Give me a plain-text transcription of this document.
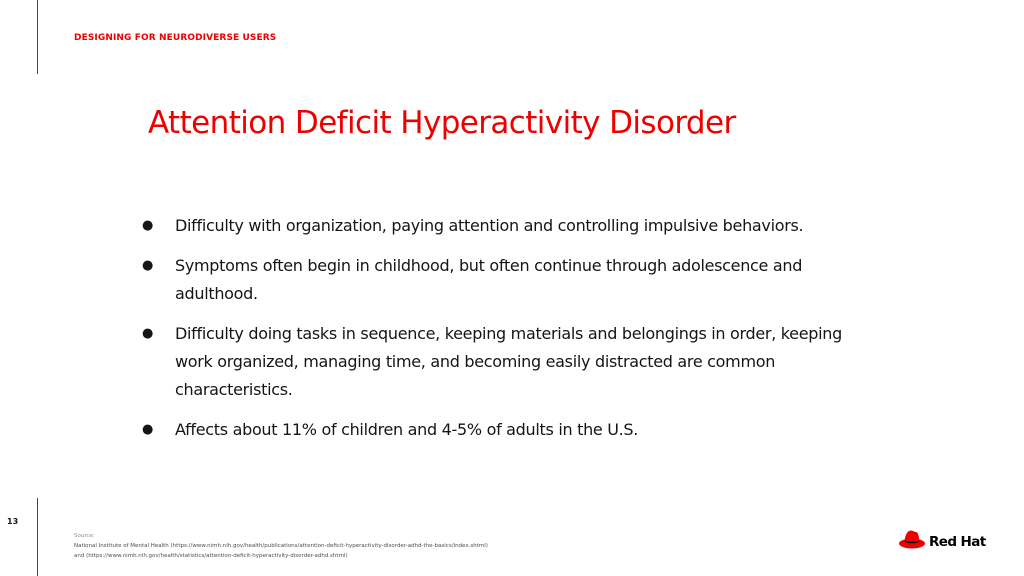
DESIGNING FOR NEURODIVERSE USERS
Attention Deficit Hyperactivity Disorder
● Difficulty with organization, paying attention and controlling impulsive behaviors.
● Symptoms often begin in childhood, but often continue through adolescence and adulthood.
● Difficulty doing tasks in sequence, keeping materials and belongings in order, keeping work organized, managing time, and becoming easily distracted are common characteristics.
● Affects about 11% of children and 4-5% of adults in the U.S.
13
Source:
National Institute of Mental Health (https://www.nimh.nih.gov/health/publications/attention-deficit-hyperactivity-disorder-adhd-the-basics/index.shtml)
and (https://www.nimh.nih.gov/health/statistics/attention-deficit-hyperactivity-disorder-adhd.shtml)
Red Hat
